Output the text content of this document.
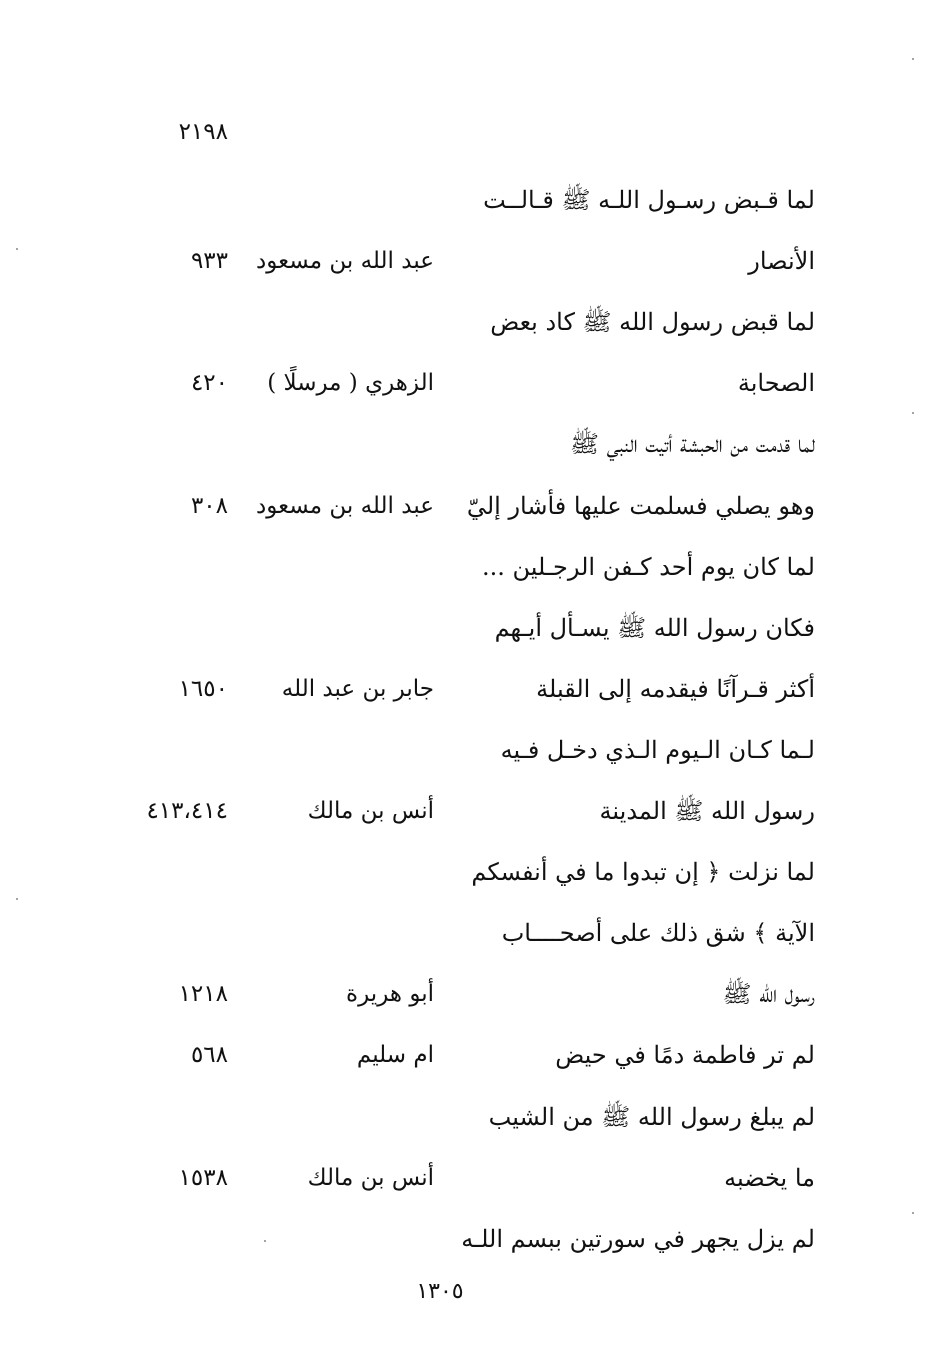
٢١٩٨
لما قـبض رسـول اللـه ﷺ قـالــت
الأنصار
عبد الله بن مسعود
٩٣٣
لما قبض رسول الله ﷺ كاد بعض
الصحابة
الزهري ( مرسلًا )
٤٢٠
لما قدمت من الحبشة أتيت النبي ﷺ
وهو يصلي فسلمت عليها فأشار إليّ
عبد الله بن مسعود
٣٠٨
لما كان يوم أحد كـفن الرجـلين ...
فكان رسول الله ﷺ يسـأل أيـهم
أكثر قـرآنًا فيقدمه إلى القبلة
جابر بن عبد الله
١٦٥٠
لـما كـان الـيوم الـذي دخـل فـيه
رسول الله ﷺ المدينة
أنس بن مالك
٤١٣،٤١٤
لما نزلت ﴿ إن تبدوا ما في أنفسكم
الآية ﴾ شق ذلك على أصحــــاب
رسول الله ﷺ
أبو هريرة
١٢١٨
لم تر فاطمة دمًا في حيض
ام سليم
٥٦٨
لم يبلغ رسول الله ﷺ من الشيب
ما يخضبه
أنس بن مالك
١٥٣٨
لم يزل يجهر في سورتين ببسم اللـه
١٣٠٥
